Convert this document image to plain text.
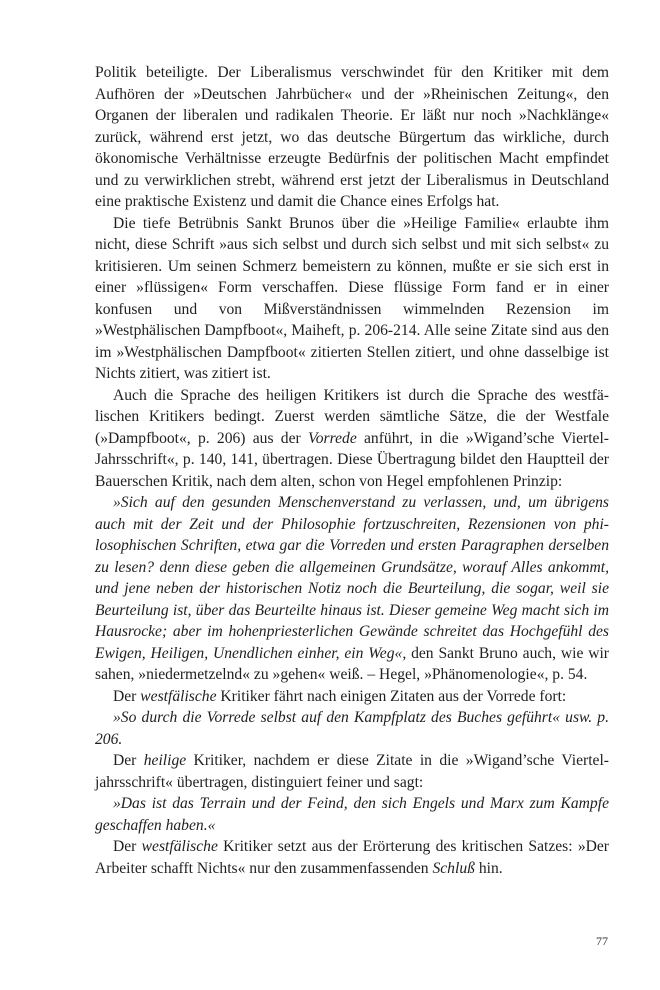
Politik beteiligte. Der Liberalismus verschwindet für den Kritiker mit dem Aufhören der »Deutschen Jahrbücher« und der »Rheinischen Zeitung«, den Organen der liberalen und radikalen Theorie. Er läßt nur noch »Nachklänge« zurück, während erst jetzt, wo das deutsche Bürgertum das wirkliche, durch ökonomische Verhältnisse erzeugte Bedürfnis der politischen Macht empfindet und zu verwirklichen strebt, während erst jetzt der Liberalismus in Deutschland eine praktische Existenz und damit die Chance eines Erfolgs hat.

Die tiefe Betrübnis Sankt Brunos über die »Heilige Familie« erlaubte ihm nicht, diese Schrift »aus sich selbst und durch sich selbst und mit sich selbst« zu kritisieren. Um seinen Schmerz bemeistern zu können, mußte er sie sich erst in einer »flüssigen« Form verschaffen. Diese flüssige Form fand er in einer konfusen und von Mißverständnissen wimmelnden Rezension im »Westphälischen Dampfboot«, Maiheft, p. 206-214. Alle seine Zitate sind aus den im »Westphälischen Dampfboot« zitierten Stellen zitiert, und ohne dasselbige ist Nichts zitiert, was zitiert ist.

Auch die Sprache des heiligen Kritikers ist durch die Sprache des westfälischen Kritikers bedingt. Zuerst werden sämtliche Sätze, die der Westfale (»Dampfboot«, p. 206) aus der Vorrede anführt, in die »Wigand’sche ViertelJahrsschrift«, p. 140, 141, übertragen. Diese Übertragung bildet den Hauptteil der Bauerschen Kritik, nach dem alten, schon von Hegel empfohlenen Prinzip:

»Sich auf den gesunden Menschenverstand zu verlassen, und, um übrigens auch mit der Zeit und der Philosophie fortzuschreiten, Rezensionen von philosophischen Schriften, etwa gar die Vorreden und ersten Paragraphen derselben zu lesen? denn diese geben die allgemeinen Grundsätze, worauf Alles ankommt, und jene neben der historischen Notiz noch die Beurteilung, die sogar, weil sie Beurteilung ist, über das Beurteilte hinaus ist. Dieser gemeine Weg macht sich im Hausrocke; aber im hohenpriesterlichen Gewände schreitet das Hochgefühl des Ewigen, Heiligen, Unendlichen einher, ein Weg«, den Sankt Bruno auch, wie wir sahen, »niedermetzelnd« zu »gehen« weiß. – Hegel, »Phänomenologie«, p. 54.

Der westfälische Kritiker fährt nach einigen Zitaten aus der Vorrede fort:

»So durch die Vorrede selbst auf den Kampfplatz des Buches geführt« usw. p. 206.

Der heilige Kritiker, nachdem er diese Zitate in die »Wigand’sche Vierteljahrsschrift« übertragen, distinguiert feiner und sagt:

»Das ist das Terrain und der Feind, den sich Engels und Marx zum Kampfe geschaffen haben.«

Der westfälische Kritiker setzt aus der Erörterung des kritischen Satzes: »Der Arbeiter schafft Nichts« nur den zusammenfassenden Schluß hin.

77
